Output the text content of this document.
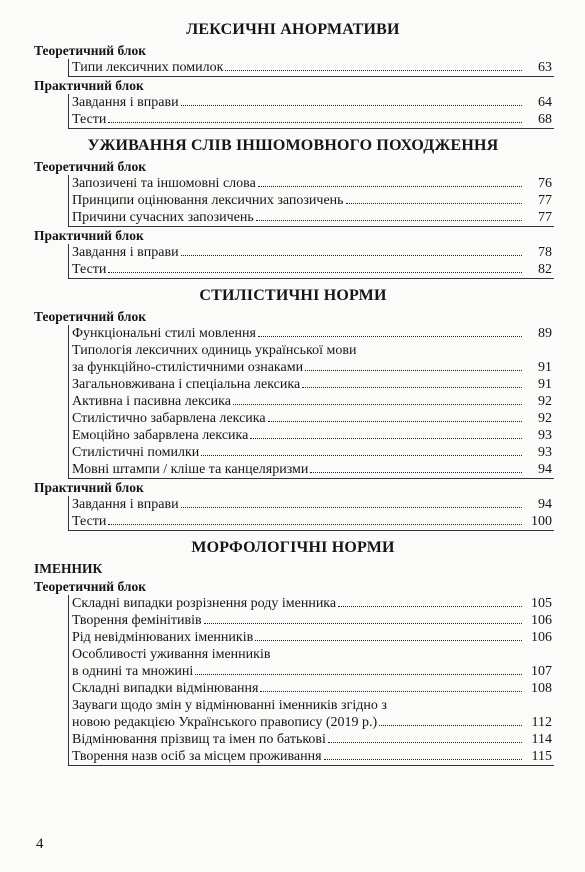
ЛЕКСИЧНІ АНОРМАТИВИ
Теоретичний блок
Типи лексичних помилок	63
Практичний блок
Завдання і вправи	64
Тести	68
УЖИВАННЯ СЛІВ ІНШОМОВНОГО ПОХОДЖЕННЯ
Теоретичний блок
Запозичені та іншомовні слова	76
Принципи оцінювання лексичних запозичень	77
Причини сучасних запозичень	77
Практичний блок
Завдання і вправи	78
Тести	82
СТИЛІСТИЧНІ НОРМИ
Теоретичний блок
Функціональні стилі мовлення	89
Типологія лексичних одиниць української мови
за функційно-стилістичними ознаками	91
Загальновживана і спеціальна лексика	91
Активна і пасивна лексика	92
Стилістично забарвлена лексика	92
Емоційно забарвлена лексика	93
Стилістичні помилки	93
Мовні штампи / кліше та канцеляризми	94
Практичний блок
Завдання і вправи	94
Тести	100
МОРФОЛОГІЧНІ НОРМИ
ІМЕННИК
Теоретичний блок
Складні випадки розрізнення роду іменника	105
Творення фемінітивів	106
Рід невідмінюваних іменників	106
Особливості уживання іменників
в однині та множині	107
Складні випадки відмінювання	108
Зауваги щодо змін у відмінюванні іменників згідно з
новою редакцією Українського правопису (2019 р.)	112
Відмінювання прізвищ та імен по батькові	114
Творення назв осіб за місцем проживання	115
4
